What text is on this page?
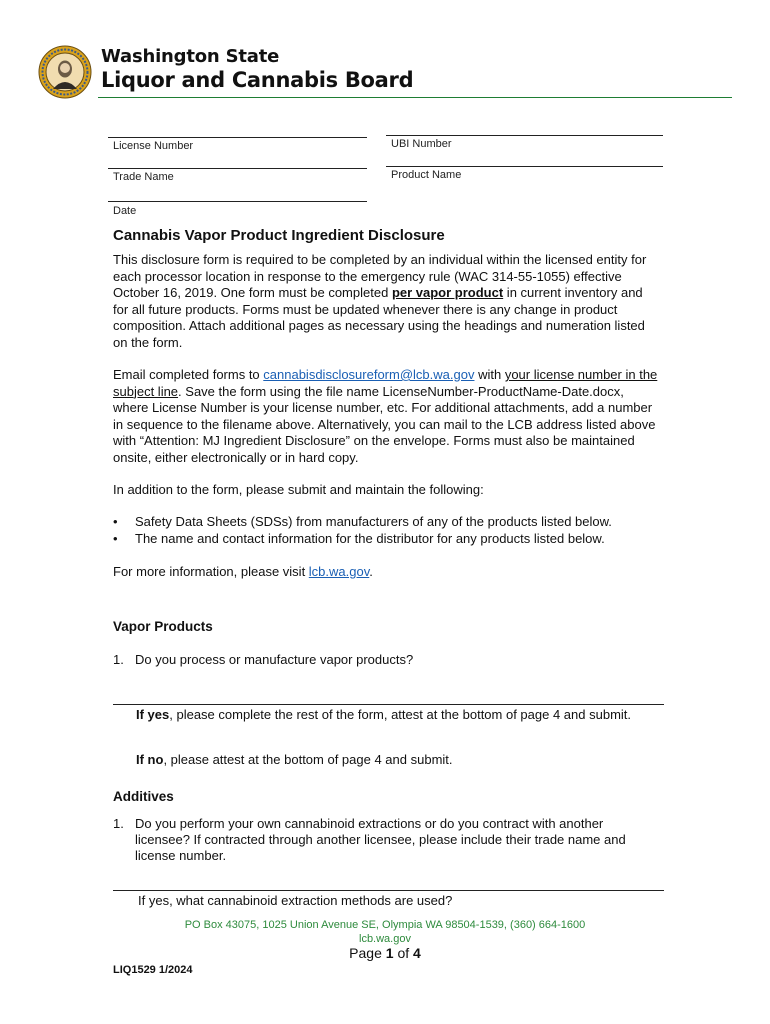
Washington State
Liquor and Cannabis Board
License Number	UBI Number
Trade Name	Product Name
Date
Cannabis Vapor Product Ingredient Disclosure

This disclosure form is required to be completed by an individual within the licensed entity for each processor location in response to the emergency rule (WAC 314-55-1055) effective October 16, 2019. One form must be completed per vapor product in current inventory and for all future products. Forms must be updated whenever there is any change in product composition. Attach additional pages as necessary using the headings and numeration listed on the form.

Email completed forms to cannabisdisclosureform@lcb.wa.gov with your license number in the subject line. Save the form using the file name LicenseNumber-ProductName-Date.docx, where License Number is your license number, etc. For additional attachments, add a number in sequence to the filename above. Alternatively, you can mail to the LCB address listed above with “Attention: MJ Ingredient Disclosure” on the envelope. Forms must also be maintained onsite, either electronically or in hard copy.

In addition to the form, please submit and maintain the following:
•	Safety Data Sheets (SDSs) from manufacturers of any of the products listed below.
•	The name and contact information for the distributor for any products listed below.

For more information, please visit lcb.wa.gov.

Vapor Products
1. Do you process or manufacture vapor products?

If yes, please complete the rest of the form, attest at the bottom of page 4 and submit.

If no, please attest at the bottom of page 4 and submit.

Additives
1. Do you perform your own cannabinoid extractions or do you contract with another licensee? If contracted through another licensee, please include their trade name and license number.
If yes, what cannabinoid extraction methods are used?
PO Box 43075, 1025 Union Avenue SE, Olympia WA 98504-1539, (360) 664-1600
lcb.wa.gov
Page 1 of 4
LIQ1529 1/2024
